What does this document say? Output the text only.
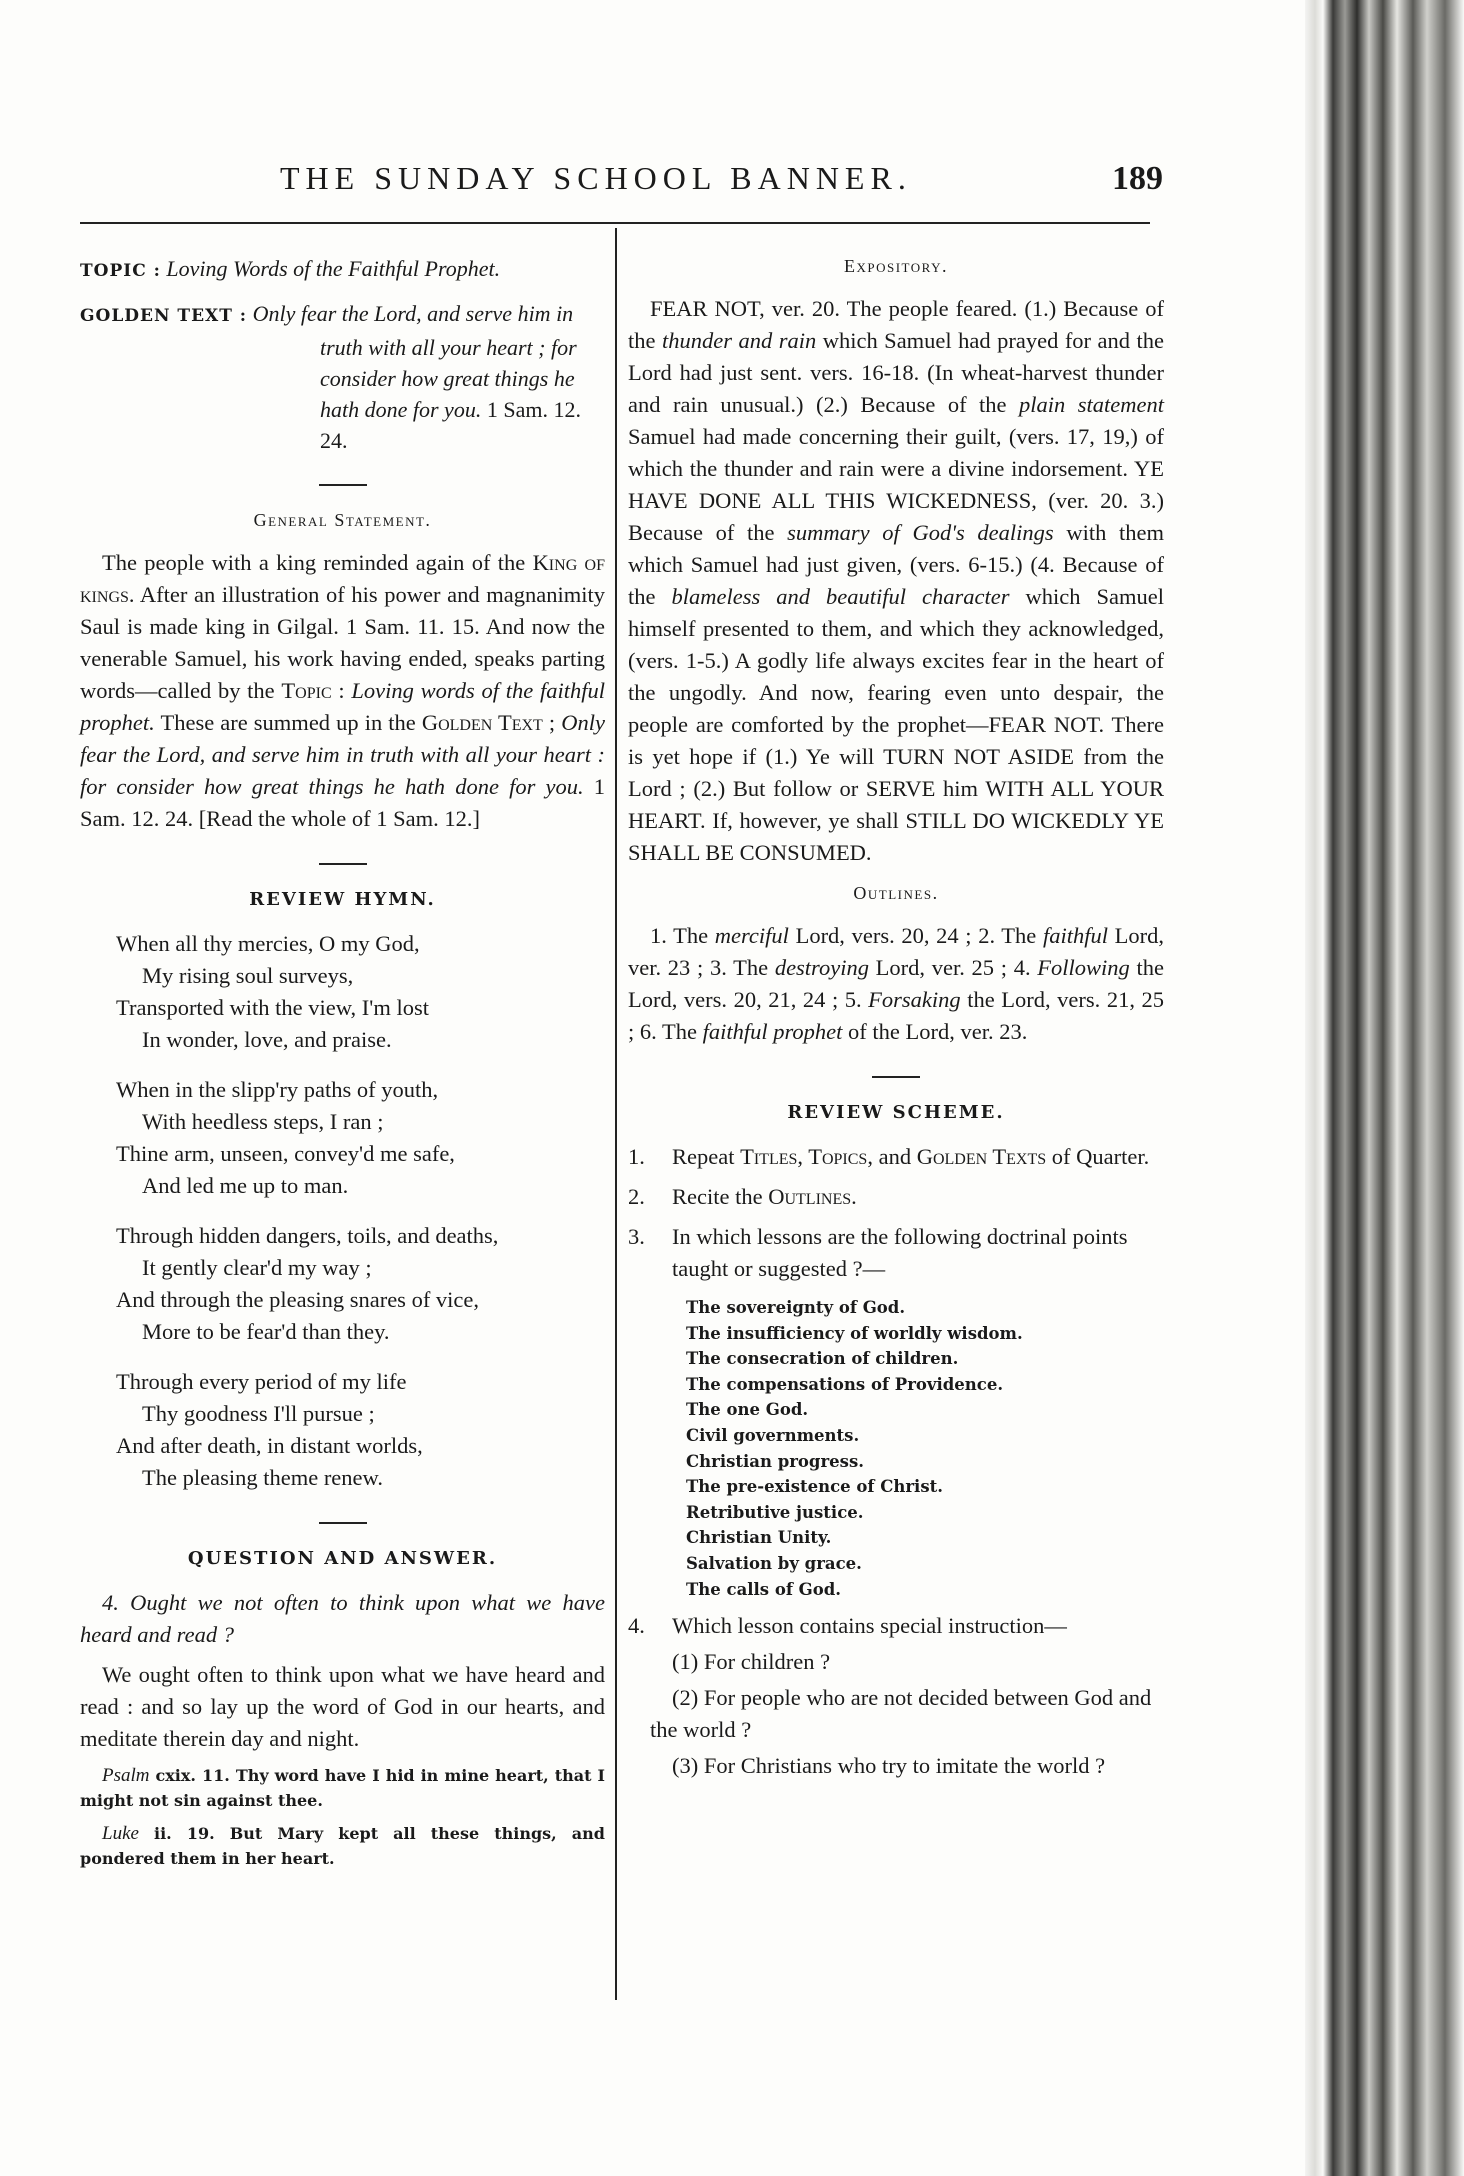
THE SUNDAY SCHOOL BANNER.	189

TOPIC : Loving Words of the Faithful Prophet.

GOLDEN TEXT : Only fear the Lord, and serve him in truth with all your heart ; for consider how great things he hath done for you. 1 Sam. 12. 24.

General Statement.

The people with a king reminded again of the King of kings. After an illustration of his power and magnanimity Saul is made king in Gilgal. 1 Sam. 11. 15. And now the venerable Samuel, his work having ended, speaks parting words—called by the Topic : Loving words of the faithful prophet. These are summed up in the Golden Text ; Only fear the Lord, and serve him in truth with all your heart : for consider how great things he hath done for you. 1 Sam. 12. 24. [Read the whole of 1 Sam. 12.]

REVIEW HYMN.
When all thy mercies, O my God,
My rising soul surveys,
Transported with the view, I'm lost
In wonder, love, and praise.
When in the slipp'ry paths of youth,
With heedless steps, I ran ;
Thine arm, unseen, convey'd me safe,
And led me up to man.
Through hidden dangers, toils, and deaths,
It gently clear'd my way ;
And through the pleasing snares of vice,
More to be fear'd than they.
Through every period of my life
Thy goodness I'll pursue ;
And after death, in distant worlds,
The pleasing theme renew.
QUESTION AND ANSWER.

4. Ought we not often to think upon what we have heard and read ?

We ought often to think upon what we have heard and read : and so lay up the word of God in our hearts, and meditate therein day and night.

Psalm cxix. 11. Thy word have I hid in mine heart, that I might not sin against thee.

Luke ii. 19. But Mary kept all these things, and pondered them in her heart.

Expository.

FEAR NOT, ver. 20. The people feared. (1.) Because of the thunder and rain which Samuel had prayed for and the Lord had just sent. vers. 16-18. (In wheat-harvest thunder and rain unusual.) (2.) Because of the plain statement Samuel had made concerning their guilt, (vers. 17, 19,) of which the thunder and rain were a divine indorsement. YE HAVE DONE ALL THIS WICKEDNESS, (ver. 20. 3.) Because of the summary of God's dealings with them which Samuel had just given, (vers. 6-15.) (4. Because of the blameless and beautiful character which Samuel himself presented to them, and which they acknowledged, (vers. 1-5.) A godly life always excites fear in the heart of the ungodly. And now, fearing even unto despair, the people are comforted by the prophet—FEAR NOT. There is yet hope if (1.) Ye will TURN NOT ASIDE from the Lord ; (2.) But follow or SERVE him WITH ALL YOUR HEART. If, however, ye shall STILL DO WICKEDLY YE SHALL BE CONSUMED.

Outlines.

1. The merciful Lord, vers. 20, 24 ; 2. The faithful Lord, ver. 23 ; 3. The destroying Lord, ver. 25 ; 4. Following the Lord, vers. 20, 21, 24 ; 5. Forsaking the Lord, vers. 21, 25 ; 6. The faithful prophet of the Lord, ver. 23.

REVIEW SCHEME.

1. Repeat Titles, Topics, and Golden Texts of Quarter.

2. Recite the Outlines.

3. In which lessons are the following doctrinal points taught or suggested ?—

The sovereignty of God.
The insufficiency of worldly wisdom.
The consecration of children.
The compensations of Providence.
The one God.
Civil governments.
Christian progress.
The pre-existence of Christ.
Retributive justice.
Christian Unity.
Salvation by grace.
The calls of God.

4. Which lesson contains special instruction—

(1) For children ?

(2) For people who are not decided between God and the world ?

(3) For Christians who try to imitate the world ?
